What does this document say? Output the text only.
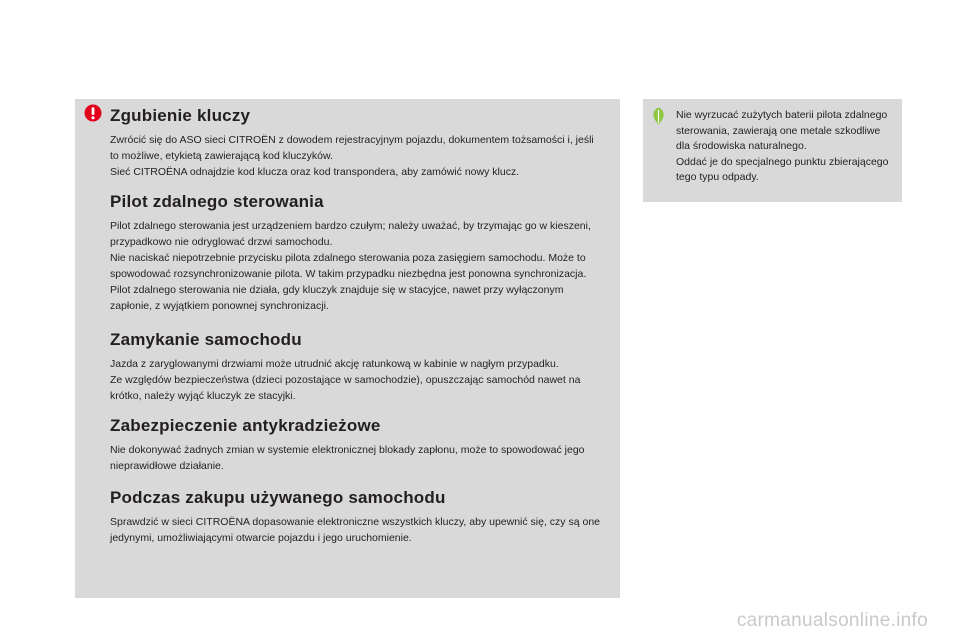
Zgubienie kluczy

Zwrócić się do ASO sieci CITROËN z dowodem rejestracyjnym pojazdu, dokumentem tożsamości i, jeśli to możliwe, etykietą zawierającą kod kluczyków.
Sieć CITROËNA odnajdzie kod klucza oraz kod transpondera, aby zamówić nowy klucz.

Pilot zdalnego sterowania

Pilot zdalnego sterowania jest urządzeniem bardzo czułym; należy uważać, by trzymając go w kieszeni, przypadkowo nie odryglować drzwi samochodu.
Nie naciskać niepotrzebnie przycisku pilota zdalnego sterowania poza zasięgiem samochodu. Może to spowodować rozsynchronizowanie pilota. W takim przypadku niezbędna jest ponowna synchronizacja.
Pilot zdalnego sterowania nie działa, gdy kluczyk znajduje się w stacyjce, nawet przy wyłączonym zapłonie, z wyjątkiem ponownej synchronizacji.

Zamykanie samochodu

Jazda z zaryglowanymi drzwiami może utrudnić akcję ratunkową w kabinie w nagłym przypadku.
Ze względów bezpieczeństwa (dzieci pozostające w samochodzie), opuszczając samochód nawet na krótko, należy wyjąć kluczyk ze stacyjki.

Zabezpieczenie antykradzieżowe

Nie dokonywać żadnych zmian w systemie elektronicznej blokady zapłonu, może to spowodować jego nieprawidłowe działanie.

Podczas zakupu używanego samochodu

Sprawdzić w sieci CITROËNA dopasowanie elektroniczne wszystkich kluczy, aby upewnić się, czy są one jedynymi, umożliwiającymi otwarcie pojazdu i jego uruchomienie.

Nie wyrzucać zużytych baterii pilota zdalnego sterowania, zawierają one metale szkodliwe dla środowiska naturalnego.
Oddać je do specjalnego punktu zbierającego tego typu odpady.

carmanualsonline.info
